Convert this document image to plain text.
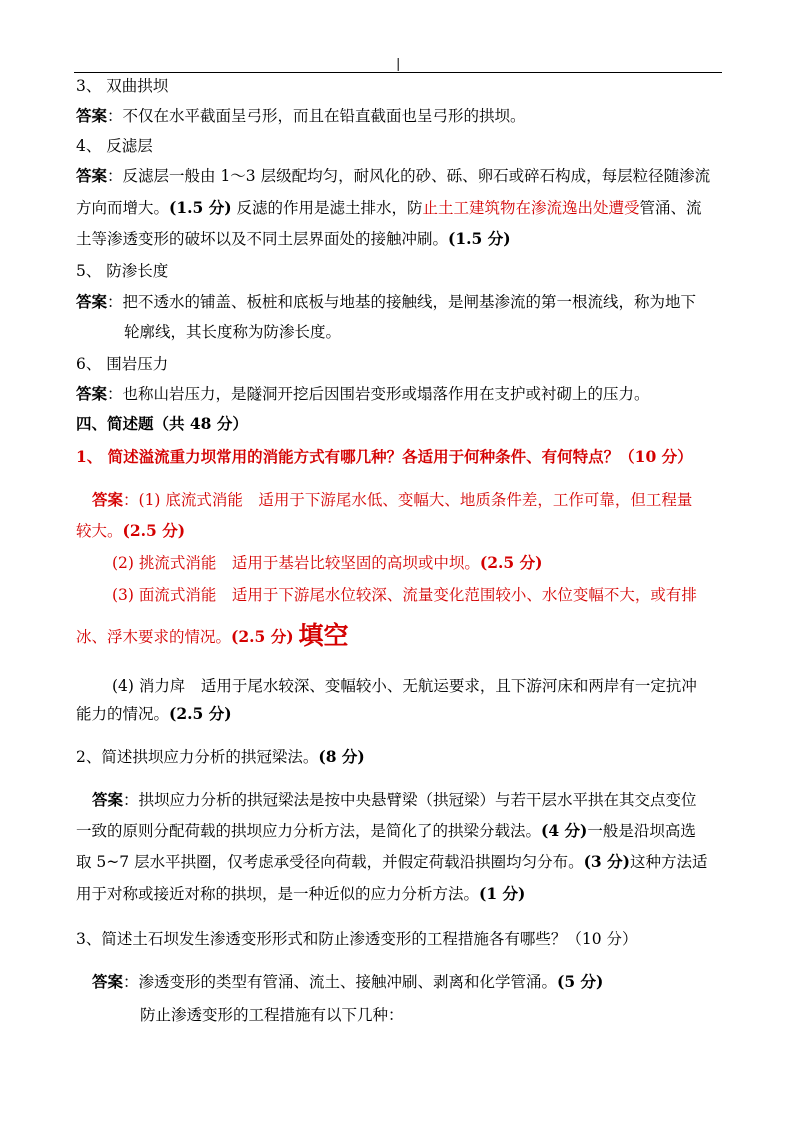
|
3、 双曲拱坝
答案：不仅在水平截面呈弓形，而且在铅直截面也呈弓形的拱坝。
4、 反滤层
答案：反滤层一般由 1～3 层级配均匀，耐风化的砂、砾、卵石或碎石构成，每层粒径随渗流
方向而增大。(1.5 分) 反滤的作用是滤土排水，防止土工建筑物在渗流逸出处遭受管涌、流
土等渗透变形的破坏以及不同土层界面处的接触冲刷。(1.5 分)
5、 防渗长度
答案：把不透水的铺盖、板桩和底板与地基的接触线，是闸基渗流的第一根流线，称为地下
轮廓线，其长度称为防渗长度。
6、 围岩压力
答案：也称山岩压力，是隧洞开挖后因围岩变形或塌落作用在支护或衬砌上的压力。
四、简述题（共 48 分）
1、 简述溢流重力坝常用的消能方式有哪几种？各适用于何种条件、有何特点？（10 分）
答案：(1) 底流式消能　适用于下游尾水低、变幅大、地质条件差，工作可靠，但工程量
较大。(2.5 分)
(2) 挑流式消能　适用于基岩比较坚固的高坝或中坝。(2.5 分)
(3) 面流式消能　适用于下游尾水位较深、流量变化范围较小、水位变幅不大，或有排
冰、浮木要求的情况。(2.5 分) 填空
(4) 消力戽　适用于尾水较深、变幅较小、无航运要求，且下游河床和两岸有一定抗冲
能力的情况。(2.5 分)
2、简述拱坝应力分析的拱冠梁法。(8 分)
答案：拱坝应力分析的拱冠梁法是按中央悬臂梁（拱冠梁）与若干层水平拱在其交点变位
一致的原则分配荷载的拱坝应力分析方法，是简化了的拱梁分载法。(4 分)一般是沿坝高选
取 5~7 层水平拱圈，仅考虑承受径向荷载，并假定荷载沿拱圈均匀分布。(3 分)这种方法适
用于对称或接近对称的拱坝，是一种近似的应力分析方法。(1 分)
3、简述土石坝发生渗透变形形式和防止渗透变形的工程措施各有哪些？（10 分）
答案：渗透变形的类型有管涌、流土、接触冲刷、剥离和化学管涌。(5 分)
防止渗透变形的工程措施有以下几种：
